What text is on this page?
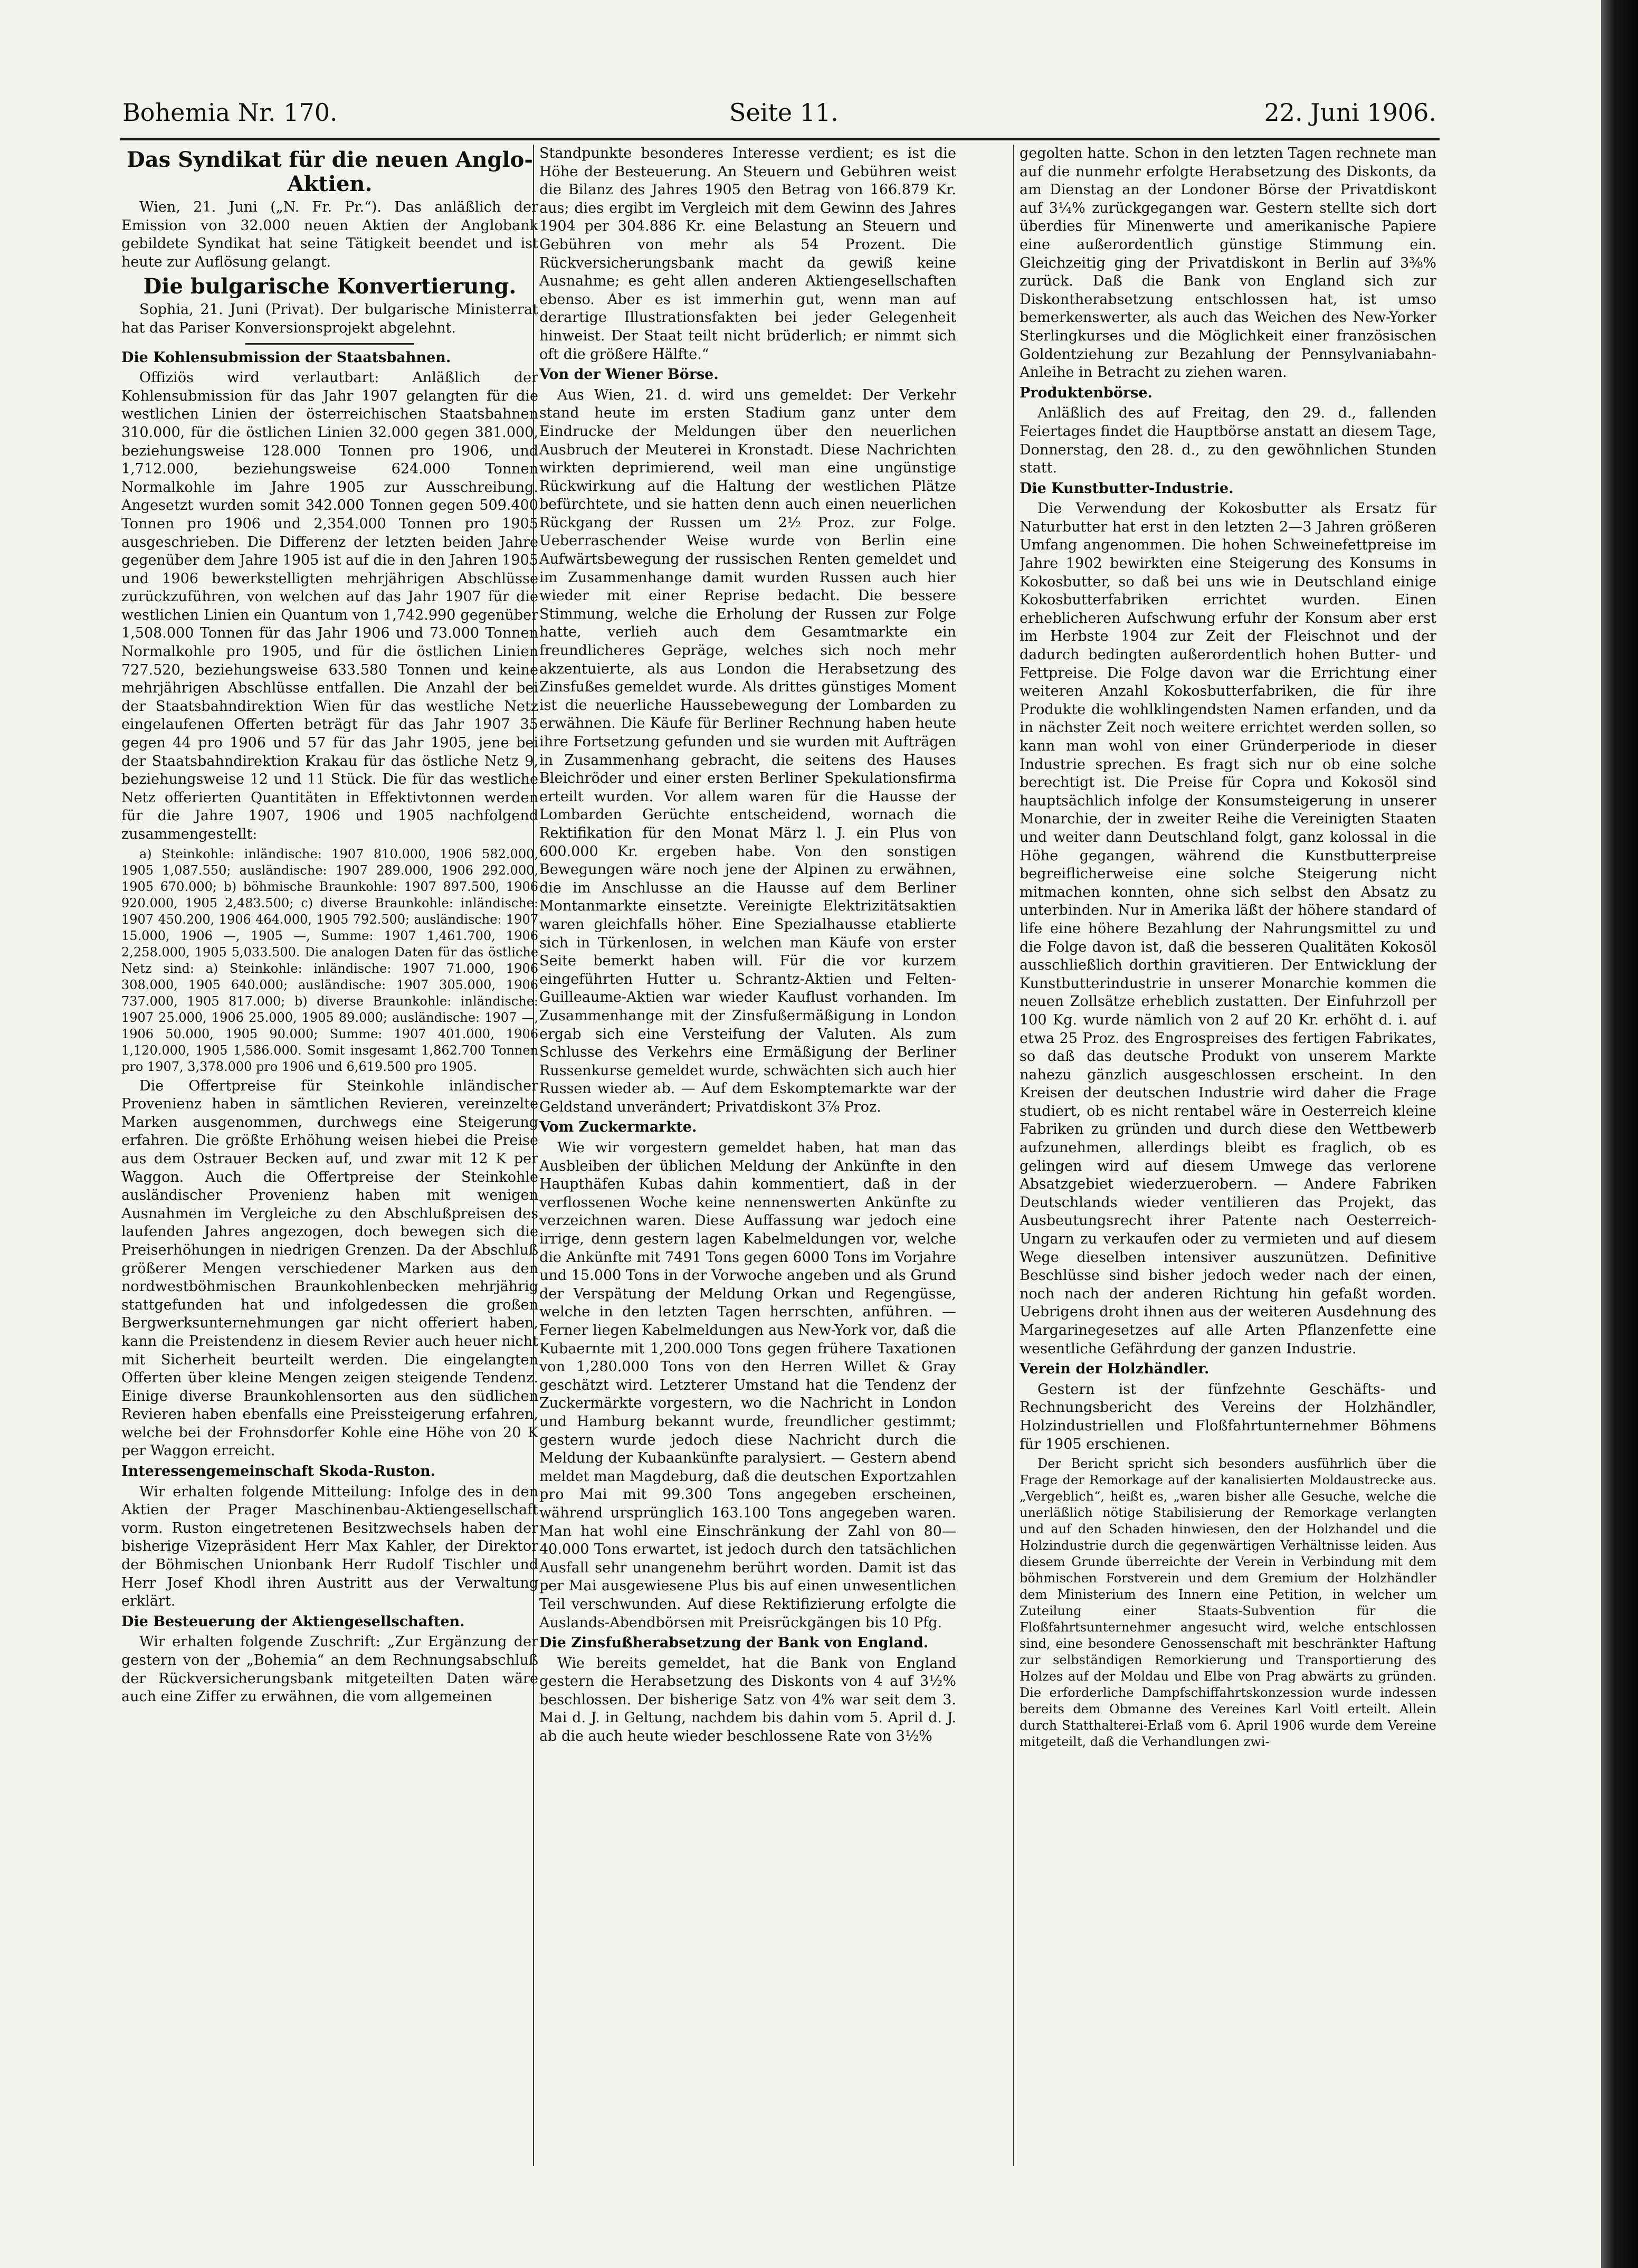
Bohemia Nr. 170.	Seite 11.	22. Juni 1906.
Das Syndikat für die neuen Anglo-Aktien.

Wien, 21. Juni („N. Fr. Pr.“). Das anläßlich der Emission von 32.000 neuen Aktien der Anglobank gebildete Syndikat hat seine Tätigkeit beendet und ist heute zur Auflösung gelangt.

Die bulgarische Konvertierung.

Sophia, 21. Juni (Privat). Der bulgarische Ministerrat hat das Pariser Konversionsprojekt abgelehnt.

Die Kohlensubmission der Staatsbahnen.

Offiziös wird verlautbart: Anläßlich der Kohlensubmission für das Jahr 1907 gelangten für die westlichen Linien der österreichischen Staatsbahnen 310.000, für die östlichen Linien 32.000 gegen 381.000, beziehungsweise 128.000 Tonnen pro 1906, und 1,712.000, beziehungsweise 624.000 Tonnen Normalkohle im Jahre 1905 zur Ausschreibung. Angesetzt wurden somit 342.000 Tonnen gegen 509.400 Tonnen pro 1906 und 2,354.000 Tonnen pro 1905 ausgeschrieben. Die Differenz der letzten beiden Jahre gegenüber dem Jahre 1905 ist auf die in den Jahren 1905 und 1906 bewerkstelligten mehrjährigen Abschlüsse zurückzuführen, von welchen auf das Jahr 1907 für die westlichen Linien ein Quantum von 1,742.990 gegenüber 1,508.000 Tonnen für das Jahr 1906 und 73.000 Tonnen Normalkohle pro 1905, und für die östlichen Linien 727.520, beziehungsweise 633.580 Tonnen und keine mehrjährigen Abschlüsse entfallen. Die Anzahl der bei der Staatsbahndirektion Wien für das westliche Netz eingelaufenen Offerten beträgt für das Jahr 1907 35 gegen 44 pro 1906 und 57 für das Jahr 1905, jene bei der Staatsbahndirektion Krakau für das östliche Netz 9, beziehungsweise 12 und 11 Stück. Die für das westliche Netz offerierten Quantitäten in Effektivtonnen werden für die Jahre 1907, 1906 und 1905 nachfolgend zusammengestellt:

a) Steinkohle: inländische: 1907 810.000, 1906 582.000, 1905 1,087.550; ausländische: 1907 289.000, 1906 292.000, 1905 670.000; b) böhmische Braunkohle: 1907 897.500, 1906 920.000, 1905 2,483.500; c) diverse Braunkohle: inländische: 1907 450.200, 1906 464.000, 1905 792.500; ausländische: 1907 15.000, 1906 —, 1905 —, Summe: 1907 1,461.700, 1906 2,258.000, 1905 5,033.500. Die analogen Daten für das östliche Netz sind: a) Steinkohle: inländische: 1907 71.000, 1906 308.000, 1905 640.000; ausländische: 1907 305.000, 1906 737.000, 1905 817.000; b) diverse Braunkohle: inländische: 1907 25.000, 1906 25.000, 1905 89.000; ausländische: 1907 —, 1906 50.000, 1905 90.000; Summe: 1907 401.000, 1906 1,120.000, 1905 1,586.000. Somit insgesamt 1,862.700 Tonnen pro 1907, 3,378.000 pro 1906 und 6,619.500 pro 1905.

Die Offertpreise für Steinkohle inländischer Provenienz haben in sämtlichen Revieren, vereinzelte Marken ausgenommen, durchwegs eine Steigerung erfahren. Die größte Erhöhung weisen hiebei die Preise aus dem Ostrauer Becken auf, und zwar mit 12 K per Waggon. Auch die Offertpreise der Steinkohle ausländischer Provenienz haben mit wenigen Ausnahmen im Vergleiche zu den Abschlußpreisen des laufenden Jahres angezogen, doch bewegen sich die Preiserhöhungen in niedrigen Grenzen. Da der Abschluß größerer Mengen verschiedener Marken aus den nordwestböhmischen Braunkohlenbecken mehrjährig stattgefunden hat und infolgedessen die großen Bergwerksunternehmungen gar nicht offeriert haben, kann die Preistendenz in diesem Revier auch heuer nicht mit Sicherheit beurteilt werden. Die eingelangten Offerten über kleine Mengen zeigen steigende Tendenz. Einige diverse Braunkohlensorten aus den südlichen Revieren haben ebenfalls eine Preissteigerung erfahren, welche bei der Frohnsdorfer Kohle eine Höhe von 20 K per Waggon erreicht.

Interessengemeinschaft Skoda-Ruston.

Wir erhalten folgende Mitteilung: Infolge des in den Aktien der Prager Maschinenbau-Aktiengesellschaft vorm. Ruston eingetretenen Besitzwechsels haben der bisherige Vizepräsident Herr Max Kahler, der Direktor der Böhmischen Unionbank Herr Rudolf Tischler und Herr Josef Khodl ihren Austritt aus der Verwaltung erklärt.

Die Besteuerung der Aktiengesellschaften.

Wir erhalten folgende Zuschrift: „Zur Ergänzung der gestern von der „Bohemia“ an dem Rechnungsabschluß der Rückversicherungsbank mitgeteilten Daten wäre auch eine Ziffer zu erwähnen, die vom allgemeinen

Standpunkte besonderes Interesse verdient; es ist die Höhe der Besteuerung. An Steuern und Gebühren weist die Bilanz des Jahres 1905 den Betrag von 166.879 Kr. aus; dies ergibt im Vergleich mit dem Gewinn des Jahres 1904 per 304.886 Kr. eine Belastung an Steuern und Gebühren von mehr als 54 Prozent. Die Rückversicherungsbank macht da gewiß keine Ausnahme; es geht allen anderen Aktiengesellschaften ebenso. Aber es ist immerhin gut, wenn man auf derartige Illustrationsfakten bei jeder Gelegenheit hinweist. Der Staat teilt nicht brüderlich; er nimmt sich oft die größere Hälfte.“

Von der Wiener Börse.

Aus Wien, 21. d. wird uns gemeldet: Der Verkehr stand heute im ersten Stadium ganz unter dem Eindrucke der Meldungen über den neuerlichen Ausbruch der Meuterei in Kronstadt. Diese Nachrichten wirkten deprimierend, weil man eine ungünstige Rückwirkung auf die Haltung der westlichen Plätze befürchtete, und sie hatten denn auch einen neuerlichen Rückgang der Russen um 2½ Proz. zur Folge. Ueberraschender Weise wurde von Berlin eine Aufwärtsbewegung der russischen Renten gemeldet und im Zusammenhange damit wurden Russen auch hier wieder mit einer Reprise bedacht. Die bessere Stimmung, welche die Erholung der Russen zur Folge hatte, verlieh auch dem Gesamtmarkte ein freundlicheres Gepräge, welches sich noch mehr akzentuierte, als aus London die Herabsetzung des Zinsfußes gemeldet wurde. Als drittes günstiges Moment ist die neuerliche Haussebewegung der Lombarden zu erwähnen. Die Käufe für Berliner Rechnung haben heute ihre Fortsetzung gefunden und sie wurden mit Aufträgen in Zusammenhang gebracht, die seitens des Hauses Bleichröder und einer ersten Berliner Spekulationsfirma erteilt wurden. Vor allem waren für die Hausse der Lombarden Gerüchte entscheidend, wornach die Rektifikation für den Monat März l. J. ein Plus von 600.000 Kr. ergeben habe. Von den sonstigen Bewegungen wäre noch jene der Alpinen zu erwähnen, die im Anschlusse an die Hausse auf dem Berliner Montanmarkte einsetzte. Vereinigte Elektrizitätsaktien waren gleichfalls höher. Eine Spezialhausse etablierte sich in Türkenlosen, in welchen man Käufe von erster Seite bemerkt haben will. Für die vor kurzem eingeführten Hutter u. Schrantz-Aktien und Felten-Guilleaume-Aktien war wieder Kauflust vorhanden. Im Zusammenhange mit der Zinsfußermäßigung in London ergab sich eine Versteifung der Valuten. Als zum Schlusse des Verkehrs eine Ermäßigung der Berliner Russenkurse gemeldet wurde, schwächten sich auch hier Russen wieder ab. — Auf dem Eskomptemarkte war der Geldstand unverändert; Privatdiskont 3⅞ Proz.

Vom Zuckermarkte.

Wie wir vorgestern gemeldet haben, hat man das Ausbleiben der üblichen Meldung der Ankünfte in den Haupthäfen Kubas dahin kommentiert, daß in der verflossenen Woche keine nennenswerten Ankünfte zu verzeichnen waren. Diese Auffassung war jedoch eine irrige, denn gestern lagen Kabelmeldungen vor, welche die Ankünfte mit 7491 Tons gegen 6000 Tons im Vorjahre und 15.000 Tons in der Vorwoche angeben und als Grund der Verspätung der Meldung Orkan und Regengüsse, welche in den letzten Tagen herrschten, anführen. — Ferner liegen Kabelmeldungen aus New-York vor, daß die Kubaernte mit 1,200.000 Tons gegen frühere Taxationen von 1,280.000 Tons von den Herren Willet & Gray geschätzt wird. Letzterer Umstand hat die Tendenz der Zuckermärkte vorgestern, wo die Nachricht in London und Hamburg bekannt wurde, freundlicher gestimmt; gestern wurde jedoch diese Nachricht durch die Meldung der Kubaankünfte paralysiert. — Gestern abend meldet man Magdeburg, daß die deutschen Exportzahlen pro Mai mit 99.300 Tons angegeben erscheinen, während ursprünglich 163.100 Tons angegeben waren. Man hat wohl eine Einschränkung der Zahl von 80—40.000 Tons erwartet, ist jedoch durch den tatsächlichen Ausfall sehr unangenehm berührt worden. Damit ist das per Mai ausgewiesene Plus bis auf einen unwesentlichen Teil verschwunden. Auf diese Rektifizierung erfolgte die Auslands-Abendbörsen mit Preisrückgängen bis 10 Pfg.

Die Zinsfußherabsetzung der Bank von England.

Wie bereits gemeldet, hat die Bank von England gestern die Herabsetzung des Diskonts von 4 auf 3½% beschlossen. Der bisherige Satz von 4% war seit dem 3. Mai d. J. in Geltung, nachdem bis dahin vom 5. April d. J. ab die auch heute wieder beschlossene Rate von 3½%

gegolten hatte. Schon in den letzten Tagen rechnete man auf die nunmehr erfolgte Herabsetzung des Diskonts, da am Dienstag an der Londoner Börse der Privatdiskont auf 3¼% zurückgegangen war. Gestern stellte sich dort überdies für Minenwerte und amerikanische Papiere eine außerordentlich günstige Stimmung ein. Gleichzeitig ging der Privatdiskont in Berlin auf 3⅜% zurück. Daß die Bank von England sich zur Diskontherabsetzung entschlossen hat, ist umso bemerkenswerter, als auch das Weichen des New-Yorker Sterlingkurses und die Möglichkeit einer französischen Goldentziehung zur Bezahlung der Pennsylvaniabahn-Anleihe in Betracht zu ziehen waren.

Produktenbörse.

Anläßlich des auf Freitag, den 29. d., fallenden Feiertages findet die Hauptbörse anstatt an diesem Tage, Donnerstag, den 28. d., zu den gewöhnlichen Stunden statt.

Die Kunstbutter-Industrie.

Die Verwendung der Kokosbutter als Ersatz für Naturbutter hat erst in den letzten 2—3 Jahren größeren Umfang angenommen. Die hohen Schweinefettpreise im Jahre 1902 bewirkten eine Steigerung des Konsums in Kokosbutter, so daß bei uns wie in Deutschland einige Kokosbutterfabriken errichtet wurden. Einen erheblicheren Aufschwung erfuhr der Konsum aber erst im Herbste 1904 zur Zeit der Fleischnot und der dadurch bedingten außerordentlich hohen Butter- und Fettpreise. Die Folge davon war die Errichtung einer weiteren Anzahl Kokosbutterfabriken, die für ihre Produkte die wohlklingendsten Namen erfanden, und da in nächster Zeit noch weitere errichtet werden sollen, so kann man wohl von einer Gründerperiode in dieser Industrie sprechen. Es fragt sich nur ob eine solche berechtigt ist. Die Preise für Copra und Kokosöl sind hauptsächlich infolge der Konsumsteigerung in unserer Monarchie, der in zweiter Reihe die Vereinigten Staaten und weiter dann Deutschland folgt, ganz kolossal in die Höhe gegangen, während die Kunstbutterpreise begreiflicherweise eine solche Steigerung nicht mitmachen konnten, ohne sich selbst den Absatz zu unterbinden. Nur in Amerika läßt der höhere standard of life eine höhere Bezahlung der Nahrungsmittel zu und die Folge davon ist, daß die besseren Qualitäten Kokosöl ausschließlich dorthin gravitieren. Der Entwicklung der Kunstbutterindustrie in unserer Monarchie kommen die neuen Zollsätze erheblich zustatten. Der Einfuhrzoll per 100 Kg. wurde nämlich von 2 auf 20 Kr. erhöht d. i. auf etwa 25 Proz. des Engrospreises des fertigen Fabrikates, so daß das deutsche Produkt von unserem Markte nahezu gänzlich ausgeschlossen erscheint. In den Kreisen der deutschen Industrie wird daher die Frage studiert, ob es nicht rentabel wäre in Oesterreich kleine Fabriken zu gründen und durch diese den Wettbewerb aufzunehmen, allerdings bleibt es fraglich, ob es gelingen wird auf diesem Umwege das verlorene Absatzgebiet wiederzuerobern. — Andere Fabriken Deutschlands wieder ventilieren das Projekt, das Ausbeutungsrecht ihrer Patente nach Oesterreich-Ungarn zu verkaufen oder zu vermieten und auf diesem Wege dieselben intensiver auszunützen. Definitive Beschlüsse sind bisher jedoch weder nach der einen, noch nach der anderen Richtung hin gefaßt worden. Uebrigens droht ihnen aus der weiteren Ausdehnung des Margarinegesetzes auf alle Arten Pflanzenfette eine wesentliche Gefährdung der ganzen Industrie.

Verein der Holzhändler.

Gestern ist der fünfzehnte Geschäfts- und Rechnungsbericht des Vereins der Holzhändler, Holzindustriellen und Floßfahrtunternehmer Böhmens für 1905 erschienen.

Der Bericht spricht sich besonders ausführlich über die Frage der Remorkage auf der kanalisierten Moldaustrecke aus. „Vergeblich“, heißt es, „waren bisher alle Gesuche, welche die unerläßlich nötige Stabilisierung der Remorkage verlangten und auf den Schaden hinwiesen, den der Holzhandel und die Holzindustrie durch die gegenwärtigen Verhältnisse leiden. Aus diesem Grunde überreichte der Verein in Verbindung mit dem böhmischen Forstverein und dem Gremium der Holzhändler dem Ministerium des Innern eine Petition, in welcher um Zuteilung einer Staats-Subvention für die Floßfahrtsunternehmer angesucht wird, welche entschlossen sind, eine besondere Genossenschaft mit beschränkter Haftung zur selbständigen Remorkierung und Transportierung des Holzes auf der Moldau und Elbe von Prag abwärts zu gründen. Die erforderliche Dampfschiffahrtskonzession wurde indessen bereits dem Obmanne des Vereines Karl Voitl erteilt. Allein durch Statthalterei-Erlaß vom 6. April 1906 wurde dem Vereine mitgeteilt, daß die Verhandlungen zwi-
